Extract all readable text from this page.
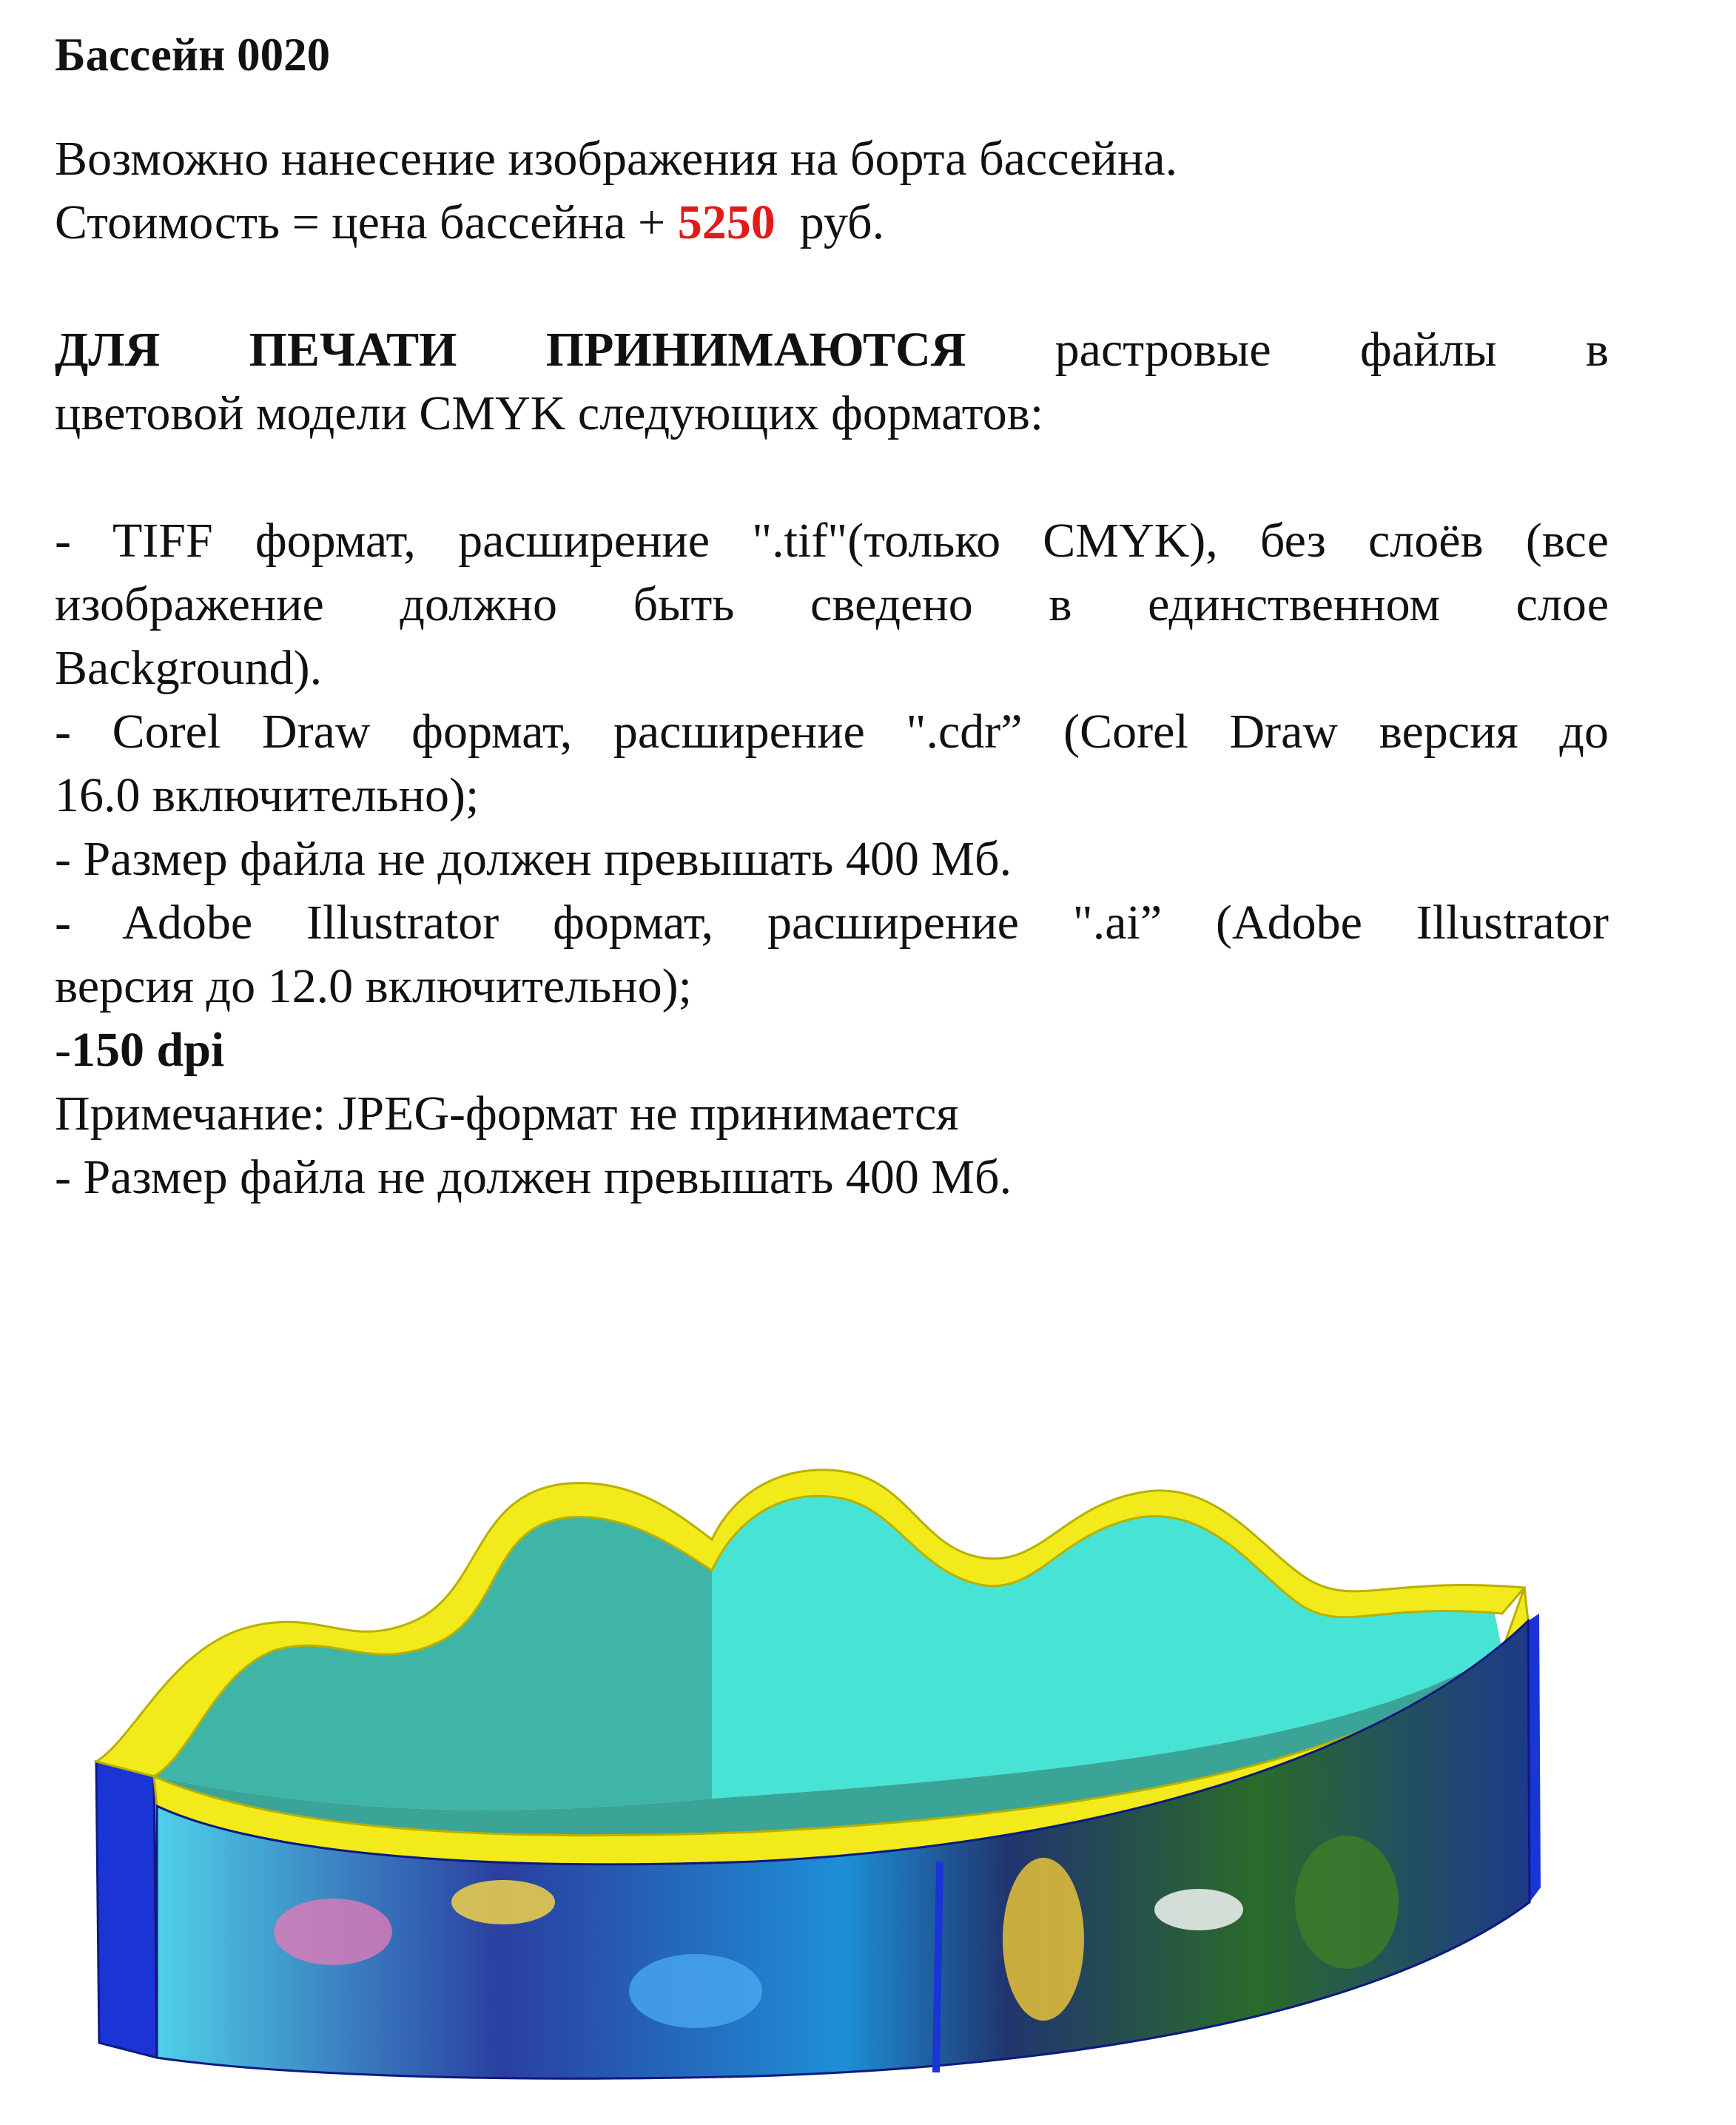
Бассейн 0020
Возможно нанесение изображения на борта бассейна.
Стоимость = цена бассейна + 5250 руб.
ДЛЯ ПЕЧАТИ ПРИНИМАЮТСЯ растровые файлы в
цветовой модели CMYK следующих форматов:
- TIFF формат, расширение ".tif"(только CMYK), без слоёв (все
изображение должно быть сведено в единственном слое
Background).
- Corel Draw формат, расширение ".cdr” (Corel Draw версия до
16.0 включительно);
- Размер файла не должен превышать 400 Мб.
- Adobe Illustrator формат, расширение ".ai” (Adobe Illustrator
версия до 12.0 включительно);
-150 dpi
Примечание: JPEG-формат не принимается
- Размер файла не должен превышать 400 Мб.
